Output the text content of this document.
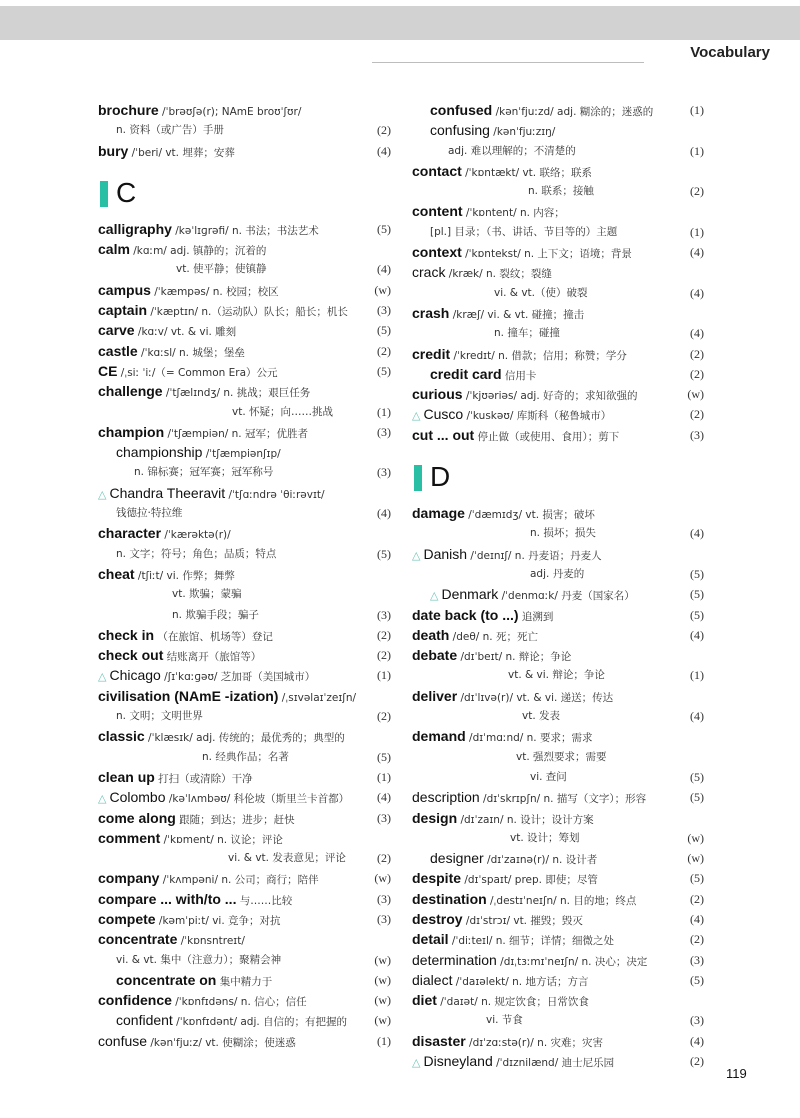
Vocabulary
brochure /ˈbrəʊʃə(r); NAmE broʊˈʃʊr/
n. 资料（或广告）手册	(2)
bury /ˈberi/ vt. 埋葬；安葬	(4)
C
calligraphy /kəˈlɪɡrəfi/ n. 书法；书法艺术	(5)
calm /kɑːm/ adj. 镇静的；沉着的
vt. 使平静；使镇静	(4)
campus /ˈkæmpəs/ n. 校园；校区	(w)
captain /ˈkæptɪn/ n.（运动队）队长；船长；机长 (3)
carve /kɑːv/ vt. & vi. 雕刻	(5)
castle /ˈkɑːsl/ n. 城堡；堡垒	(2)
CE /ˌsiː ˈiː/（= Common Era）公元	(5)
challenge /ˈtʃælɪndʒ/ n. 挑战；艰巨任务
vt. 怀疑；向……挑战	(1)
champion /ˈtʃæmpiən/ n. 冠军；优胜者	(3)
championship /ˈtʃæmpiənʃɪp/
n. 锦标赛；冠军赛；冠军称号	(3)
△ Chandra Theeravit /ˈtʃɑːndrə ˈθiːrəvɪt/
钱德拉·特拉维	(4)
character /ˈkærəktə(r)/
n. 文字；符号；角色；品质；特点	(5)
cheat /tʃiːt/ vi. 作弊；舞弊
vt. 欺骗；蒙骗
n. 欺骗手段；骗子	(3)
check in （在旅馆、机场等）登记	(2)
check out 结账离开（旅馆等）	(2)
△ Chicago /ʃɪˈkɑːɡəʊ/ 芝加哥（美国城市）	(1)
civilisation (NAmE -ization) /ˌsɪvəlaɪˈzeɪʃn/
n. 文明；文明世界	(2)
classic /ˈklæsɪk/ adj. 传统的；最优秀的；典型的
n. 经典作品；名著	(5)
clean up 打扫（或清除）干净	(1)
△ Colombo /kəˈlʌmbəʊ/ 科伦坡（斯里兰卡首都） (4)
come along 跟随；到达；进步；赶快	(3)
comment /ˈkɒment/ n. 议论；评论
vi. & vt. 发表意见；评论	(2)
company /ˈkʌmpəni/ n. 公司；商行；陪伴	(w)
compare ... with/to ... 与……比较	(3)
compete /kəmˈpiːt/ vi. 竞争；对抗	(3)
concentrate /ˈkɒnsntreɪt/
vi. & vt. 集中（注意力）；聚精会神	(w)
concentrate on 集中精力于	(w)
confidence /ˈkɒnfɪdəns/ n. 信心；信任	(w)
confident /ˈkɒnfɪdənt/ adj. 自信的；有把握的 (w)
confuse /kənˈfjuːz/ vt. 使糊涂；使迷惑	(1)
confused /kənˈfjuːzd/ adj. 糊涂的；迷惑的	(1)
confusing /kənˈfjuːzɪŋ/
adj. 难以理解的；不清楚的	(1)
contact /ˈkɒntækt/ vt. 联络；联系
n. 联系；接触	(2)
content /ˈkɒntent/ n. 内容；
[pl.] 目录；（书、讲话、节目等的）主题	(1)
context /ˈkɒntekst/ n. 上下文；语境；背景	(4)
crack /kræk/ n. 裂纹；裂缝
vi. & vt.（使）破裂	(4)
crash /kræʃ/ vi. & vt. 碰撞；撞击
n. 撞车；碰撞	(4)
credit /ˈkredɪt/ n. 借款；信用；称赞；学分	(2)
credit card 信用卡	(2)
curious /ˈkjʊəriəs/ adj. 好奇的；求知欲强的	(w)
△ Cusco /ˈkuskəʊ/ 库斯科（秘鲁城市）	(2)
cut ... out 停止做（或使用、食用）；剪下	(3)
D
damage /ˈdæmɪdʒ/ vt. 损害；破坏
n. 损坏；损失	(4)
△ Danish /ˈdeɪnɪʃ/ n. 丹麦语；丹麦人
adj. 丹麦的	(5)
△ Denmark /ˈdenmɑːk/ 丹麦（国家名）	(5)
date back (to ...) 追溯到	(5)
death /deθ/ n. 死；死亡	(4)
debate /dɪˈbeɪt/ n. 辩论；争论
vt. & vi. 辩论；争论	(1)
deliver /dɪˈlɪvə(r)/ vt. & vi. 递送；传达
vt. 发表	(4)
demand /dɪˈmɑːnd/ n. 要求；需求
vt. 强烈要求；需要
vi. 查问	(5)
description /dɪˈskrɪpʃn/ n. 描写（文字）；形容	(5)
design /dɪˈzaɪn/ n. 设计；设计方案
vt. 设计；筹划	(w)
designer /dɪˈzaɪnə(r)/ n. 设计者	(w)
despite /dɪˈspaɪt/ prep. 即使；尽管	(5)
destination /ˌdestɪˈneɪʃn/ n. 目的地；终点	(2)
destroy /dɪˈstrɔɪ/ vt. 摧毁；毁灭	(4)
detail /ˈdiːteɪl/ n. 细节；详情；细微之处	(2)
determination /dɪˌtɜːmɪˈneɪʃn/ n. 决心；决定	(3)
dialect /ˈdaɪəlekt/ n. 地方话；方言	(5)
diet /ˈdaɪət/ n. 规定饮食；日常饮食
vi. 节食	(3)
disaster /dɪˈzɑːstə(r)/ n. 灾难；灾害	(4)
△ Disneyland /ˈdɪznilænd/ 迪士尼乐园	(2)
119
